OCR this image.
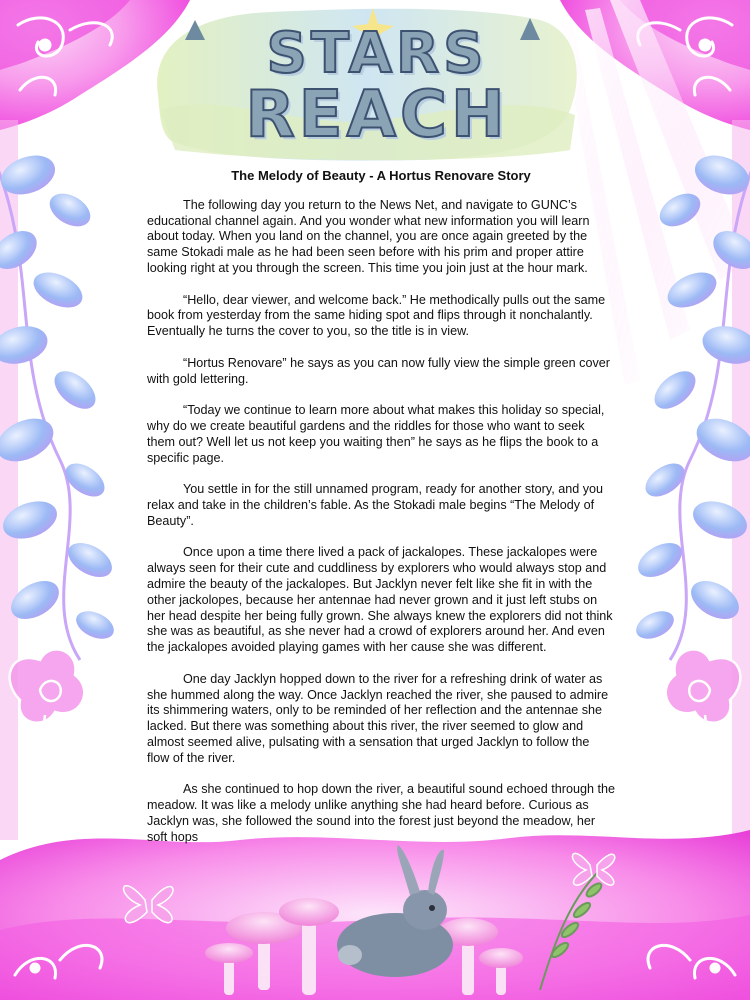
STARS
REACH
The Melody of Beauty - A Hortus Renovare Story

The following day you return to the News Net, and navigate to GUNC’s educational channel again. And you wonder what new information you will learn about today. When you land on the channel, you are once again greeted by the same Stokadi male as he had been seen before with his prim and proper attire looking right at you through the screen. This time you join just at the hour mark.

“Hello, dear viewer, and welcome back.” He methodically pulls out the same book from yesterday from the same hiding spot and flips through it nonchalantly. Eventually he turns the cover to you, so the title is in view.

“Hortus Renovare” he says as you can now fully view the simple green cover with gold lettering.

“Today we continue to learn more about what makes this holiday so special, why do we create beautiful gardens and the riddles for those who want to seek them out? Well let us not keep you waiting then” he says as he flips the book to a specific page.

You settle in for the still unnamed program, ready for another story, and you relax and take in the children’s fable. As the Stokadi male begins “The Melody of Beauty”.

Once upon a time there lived a pack of jackalopes. These jackalopes were always seen for their cute and cuddliness by explorers who would always stop and admire the beauty of the jackalopes. But Jacklyn never felt like she fit in with the other jackolopes, because her antennae had never grown and it just left stubs on her head despite her being fully grown. She always knew the explorers did not think she was as beautiful, as she never had a crowd of explorers around her. And even the jackalopes avoided playing games with her cause she was different.

One day Jacklyn hopped down to the river for a refreshing drink of water as she hummed along the way. Once Jacklyn reached the river, she paused to admire its shimmering waters, only to be reminded of her reflection and the antennae she lacked. But there was something about this river, the river seemed to glow and almost seemed alive, pulsating with a sensation that urged Jacklyn to follow the flow of the river.

As she continued to hop down the river, a beautiful sound echoed through the meadow. It was like a melody unlike anything she had heard before. Curious as Jacklyn was, she followed the sound into the forest just beyond the meadow, her soft hops
